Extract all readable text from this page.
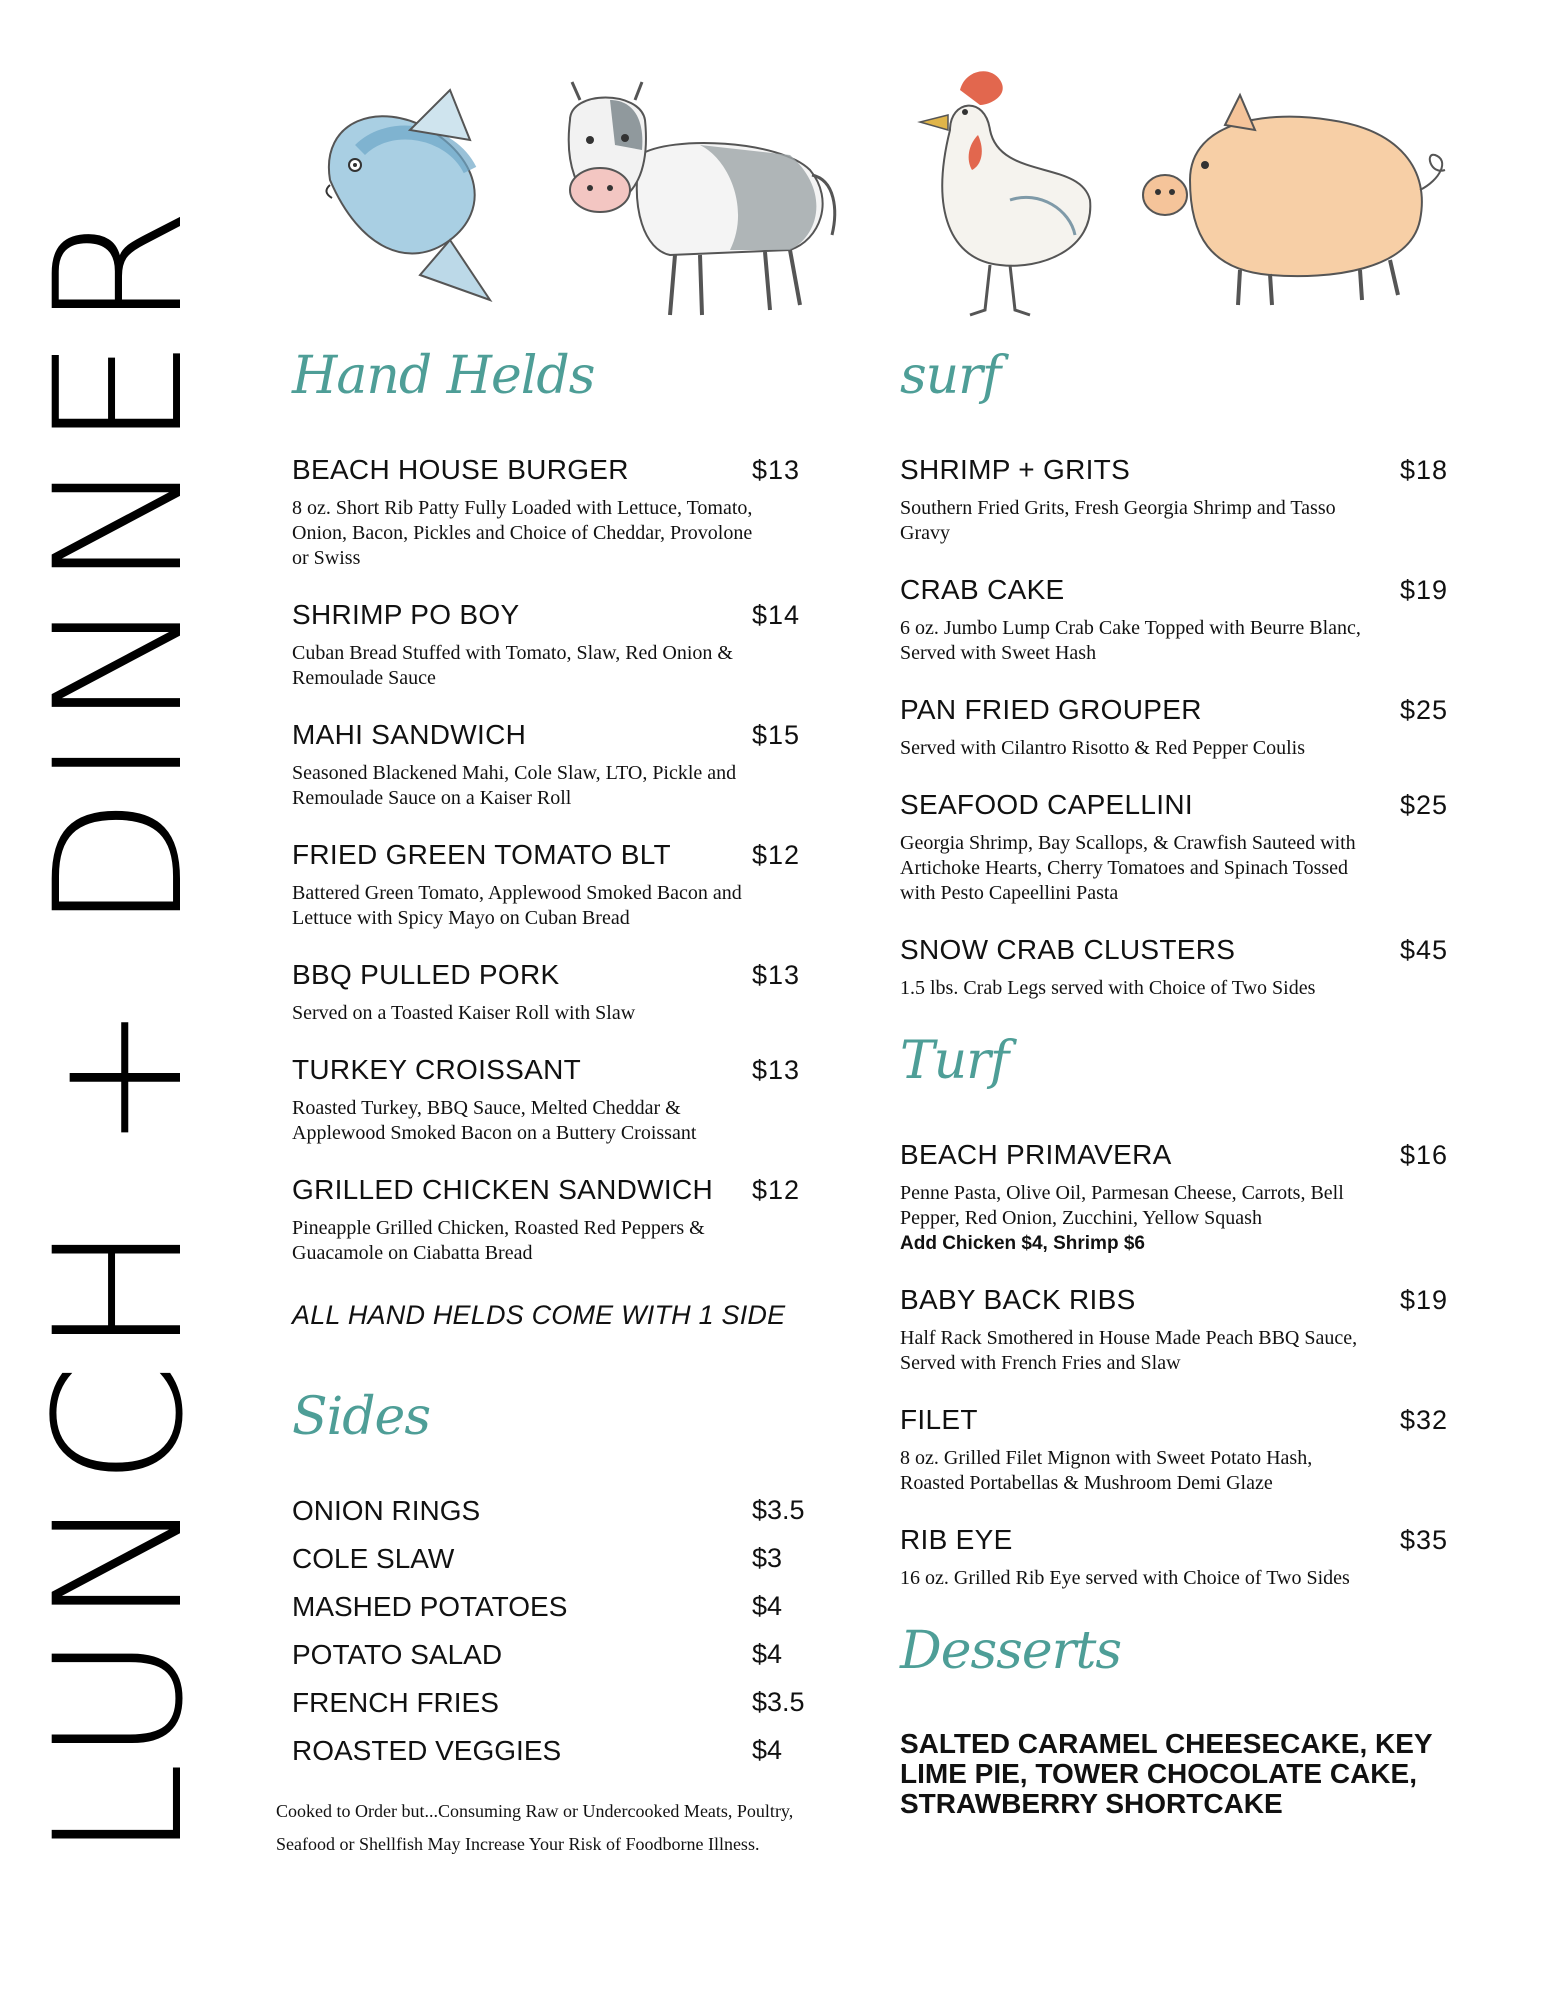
LUNCH + DINNER Hand Helds
BEACH HOUSE BURGER	$13
8 oz. Short Rib Patty Fully Loaded with Lettuce, Tomato, Onion, Bacon, Pickles and Choice of Cheddar, Provolone or Swiss
SHRIMP PO BOY	$14
Cuban Bread Stuffed with Tomato, Slaw, Red Onion & Remoulade Sauce
MAHI SANDWICH	$15
Seasoned Blackened Mahi, Cole Slaw, LTO, Pickle and Remoulade Sauce on a Kaiser Roll
FRIED GREEN TOMATO BLT	$12
Battered Green Tomato, Applewood Smoked Bacon and Lettuce with Spicy Mayo on Cuban Bread
BBQ PULLED PORK	$13
Served on a Toasted Kaiser Roll with Slaw
TURKEY CROISSANT	$13
Roasted Turkey, BBQ Sauce, Melted Cheddar & Applewood Smoked Bacon on a Buttery Croissant
GRILLED CHICKEN SANDWICH $12
Pineapple Grilled Chicken, Roasted Red Peppers & Guacamole on Ciabatta Bread
ALL HAND HELDS COME WITH 1 SIDE
Sides
ONION RINGS	$3.5
COLE SLAW	$3
MASHED POTATOES	$4
POTATO SALAD	$4
FRENCH FRIES	$3.5
ROASTED VEGGIES	$4
Cooked to Order but...Consuming Raw or Undercooked Meats, Poultry, Seafood or Shellfish May Increase Your Risk of Foodborne Illness.
surf
SHRIMP + GRITS	$18
Southern Fried Grits, Fresh Georgia Shrimp and Tasso Gravy
CRAB CAKE	$19
6 oz. Jumbo Lump Crab Cake Topped with Beurre Blanc, Served with Sweet Hash
PAN FRIED GROUPER	$25
Served with Cilantro Risotto & Red Pepper Coulis
SEAFOOD CAPELLINI	$25
Georgia Shrimp, Bay Scallops, & Crawfish Sauteed with Artichoke Hearts, Cherry Tomatoes and Spinach Tossed with Pesto Capeellini Pasta
SNOW CRAB CLUSTERS	$45
1.5 lbs. Crab Legs served with Choice of Two Sides
Turf
BEACH PRIMAVERA	$16
Penne Pasta, Olive Oil, Parmesan Cheese, Carrots, Bell Pepper, Red Onion, Zucchini, Yellow Squash
Add Chicken $4, Shrimp $6
BABY BACK RIBS	$19
Half Rack Smothered in House Made Peach BBQ Sauce, Served with French Fries and Slaw
FILET	$32
8 oz. Grilled Filet Mignon with Sweet Potato Hash, Roasted Portabellas & Mushroom Demi Glaze
RIB EYE	$35
16 oz. Grilled Rib Eye served with Choice of Two Sides
Desserts
SALTED CARAMEL CHEESECAKE, KEY LIME PIE, TOWER CHOCOLATE CAKE, STRAWBERRY SHORTCAKE
